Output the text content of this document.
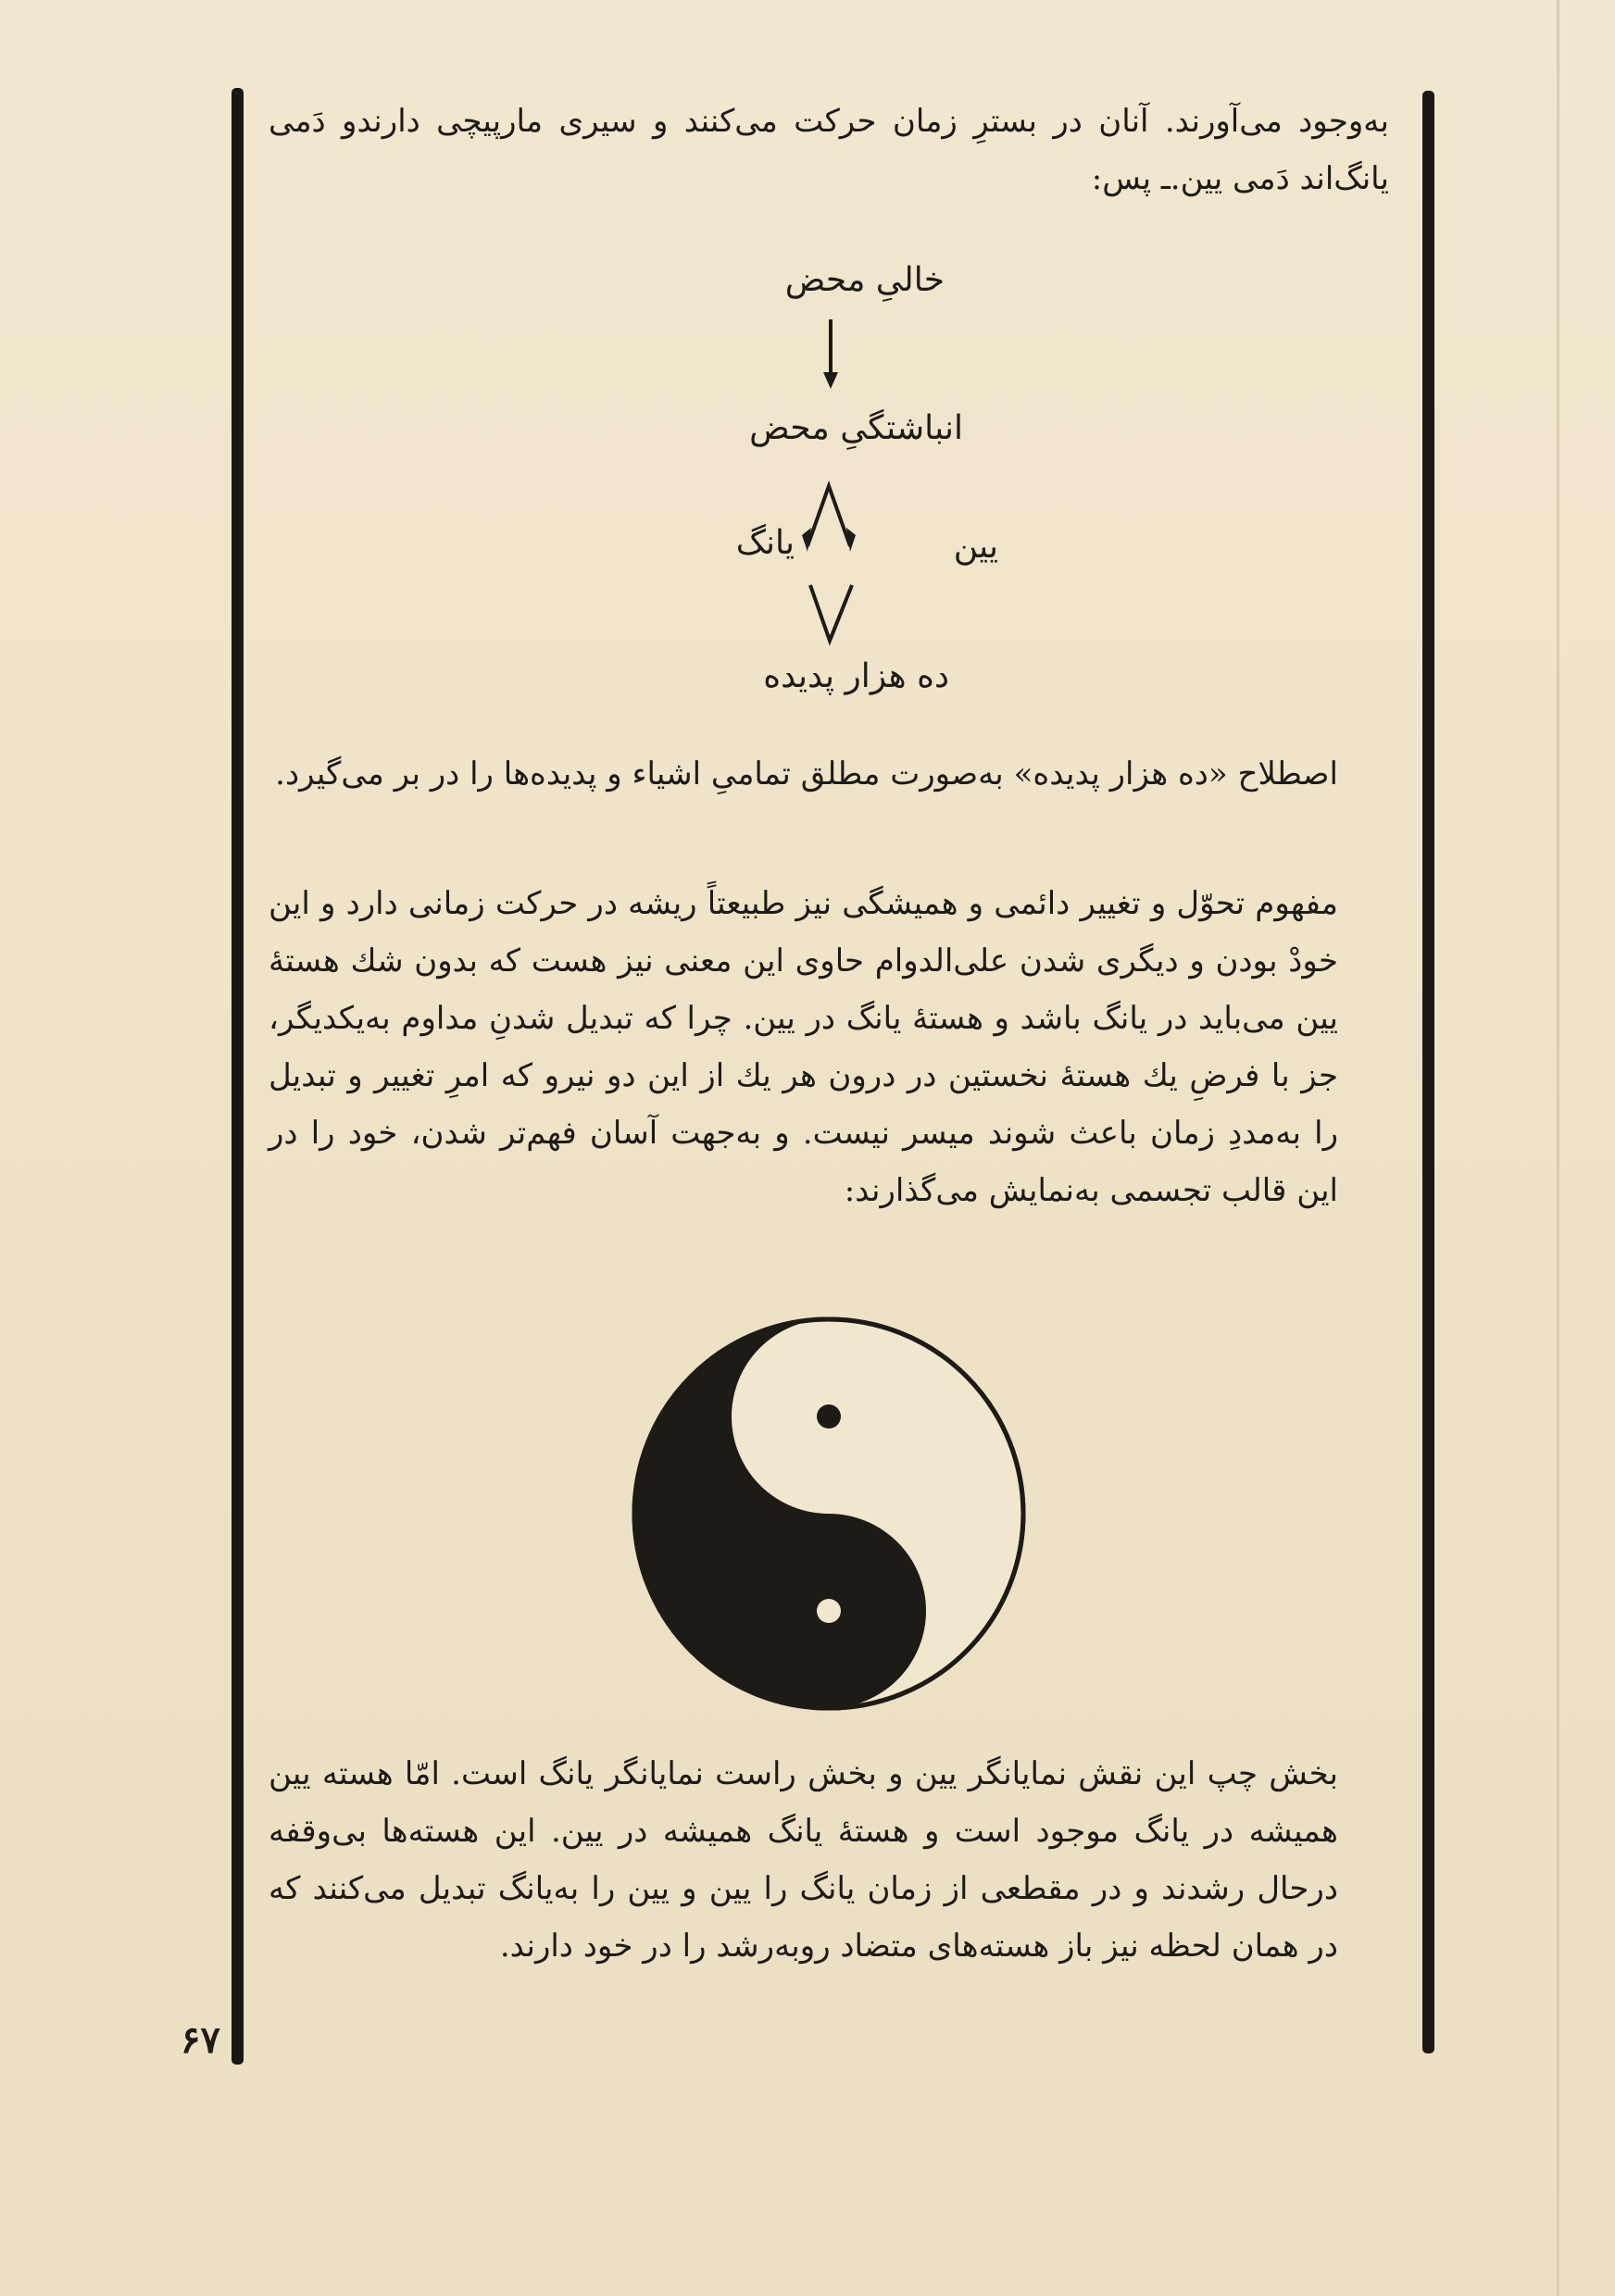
به‌وجود می‌آورند. آنان در بسترِ زمان حرکت می‌کنند و سیری مارپیچی دارندو دَمی یانگ‌اند دَمی یین.ـ پس:

خالیِ محض
انباشتگیِ محض
یین
یانگ
ده هزار پدیده

اصطلاح «ده هزار پدیده» به‌صورت مطلق تمامیِ اشیاء و پدیده‌ها را در بر می‌گیرد.

مفهوم تحوّل و تغییر دائمی و همیشگی نیز طبیعتاً ریشه در حرکت زمانی دارد و این خودْ بودن و دیگری شدن علی‌الدوام حاوی این معنی نیز هست که بدون شك هستهٔ یین می‌باید در یانگ باشد و هستهٔ یانگ در یین. چرا که تبدیل شدنِ مداوم به‌یکدیگر، جز با فرضِ یك هستهٔ نخستین در درون هر یك از این دو نیرو که امرِ تغییر و تبدیل را به‌مددِ زمان باعث شوند میسر نیست. و به‌جهت آسان فهم‌تر شدن، خود را در این قالب تجسمی به‌نمایش می‌گذارند:

بخش چپ این نقش نمایانگر یین و بخش راست نمایانگر یانگ است. امّا هسته یین همیشه در یانگ موجود است و هستهٔ یانگ همیشه در یین. این هسته‌ها بی‌وقفه درحال رشدند و در مقطعی از زمان یانگ را یین و یین را به‌یانگ تبدیل می‌کنند که در همان لحظه نیز باز هسته‌های متضاد روبه‌رشد را در خود دارند.

۶۷
